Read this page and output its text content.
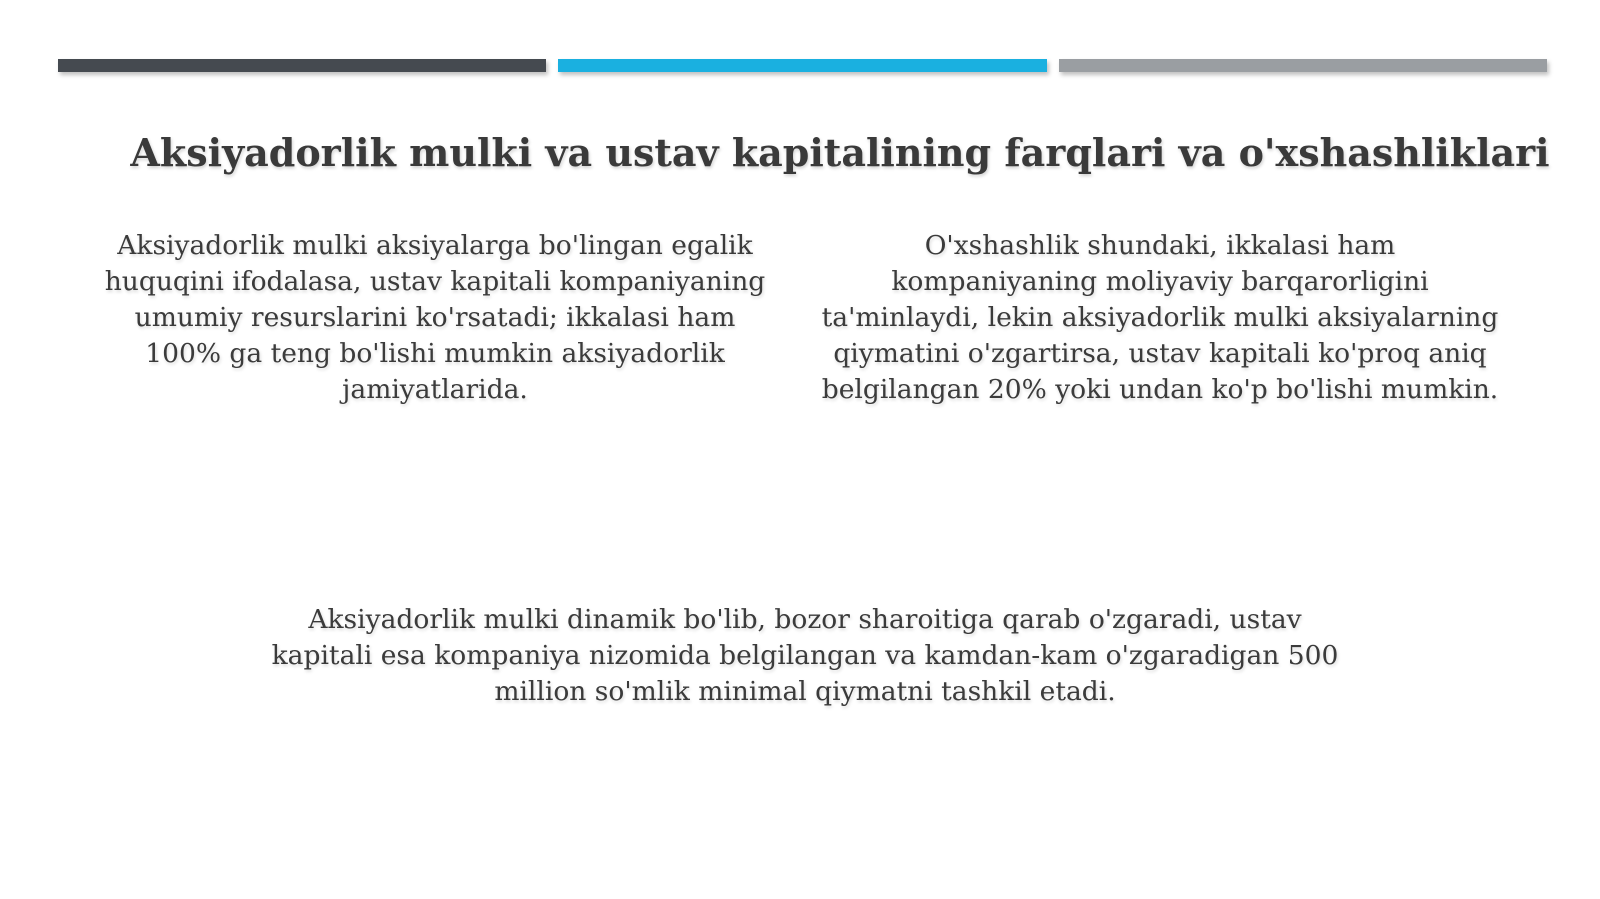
Aksiyadorlik mulki va ustav kapitalining farqlari va o'xshashliklari

Aksiyadorlik mulki aksiyalarga bo'lingan egalik huquqini ifodalasa, ustav kapitali kompaniyaning umumiy resurslarini ko'rsatadi; ikkalasi ham 100% ga teng bo'lishi mumkin aksiyadorlik jamiyatlarida.

O'xshashlik shundaki, ikkalasi ham kompaniyaning moliyaviy barqarorligini ta'minlaydi, lekin aksiyadorlik mulki aksiyalarning qiymatini o'zgartirsa, ustav kapitali ko'proq aniq belgilangan 20% yoki undan ko'p bo'lishi mumkin.

Aksiyadorlik mulki dinamik bo'lib, bozor sharoitiga qarab o'zgaradi, ustav kapitali esa kompaniya nizomida belgilangan va kamdan-kam o'zgaradigan 500 million so'mlik minimal qiymatni tashkil etadi.
